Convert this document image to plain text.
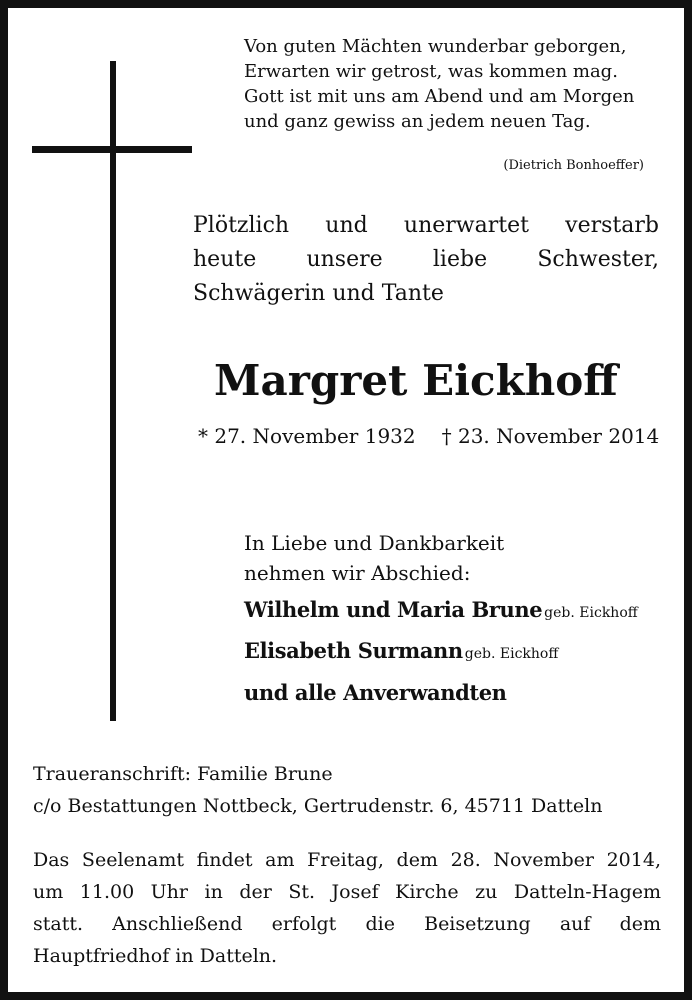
Von guten Mächten wunderbar geborgen,
Erwarten wir getrost, was kommen mag.
Gott ist mit uns am Abend und am Morgen
und ganz gewiss an jedem neuen Tag.
(Dietrich Bonhoeffer)
Plötzlich und unerwartet verstarb
heute unsere liebe Schwester,
Schwägerin und Tante
Margret Eickhoff
* 27. November 1932 † 23. November 2014
In Liebe und Dankbarkeit
nehmen wir Abschied:
Wilhelm und Maria Brune geb. Eickhoff
Elisabeth Surmann geb. Eickhoff
und alle Anverwandten
Traueranschrift: Familie Brune
c/o Bestattungen Nottbeck, Gertrudenstr. 6, 45711 Datteln
Das Seelenamt findet am Freitag, dem 28. November 2014,
um 11.00 Uhr in der St. Josef Kirche zu Datteln-Hagem
statt. Anschließend erfolgt die Beisetzung auf dem
Hauptfriedhof in Datteln.
